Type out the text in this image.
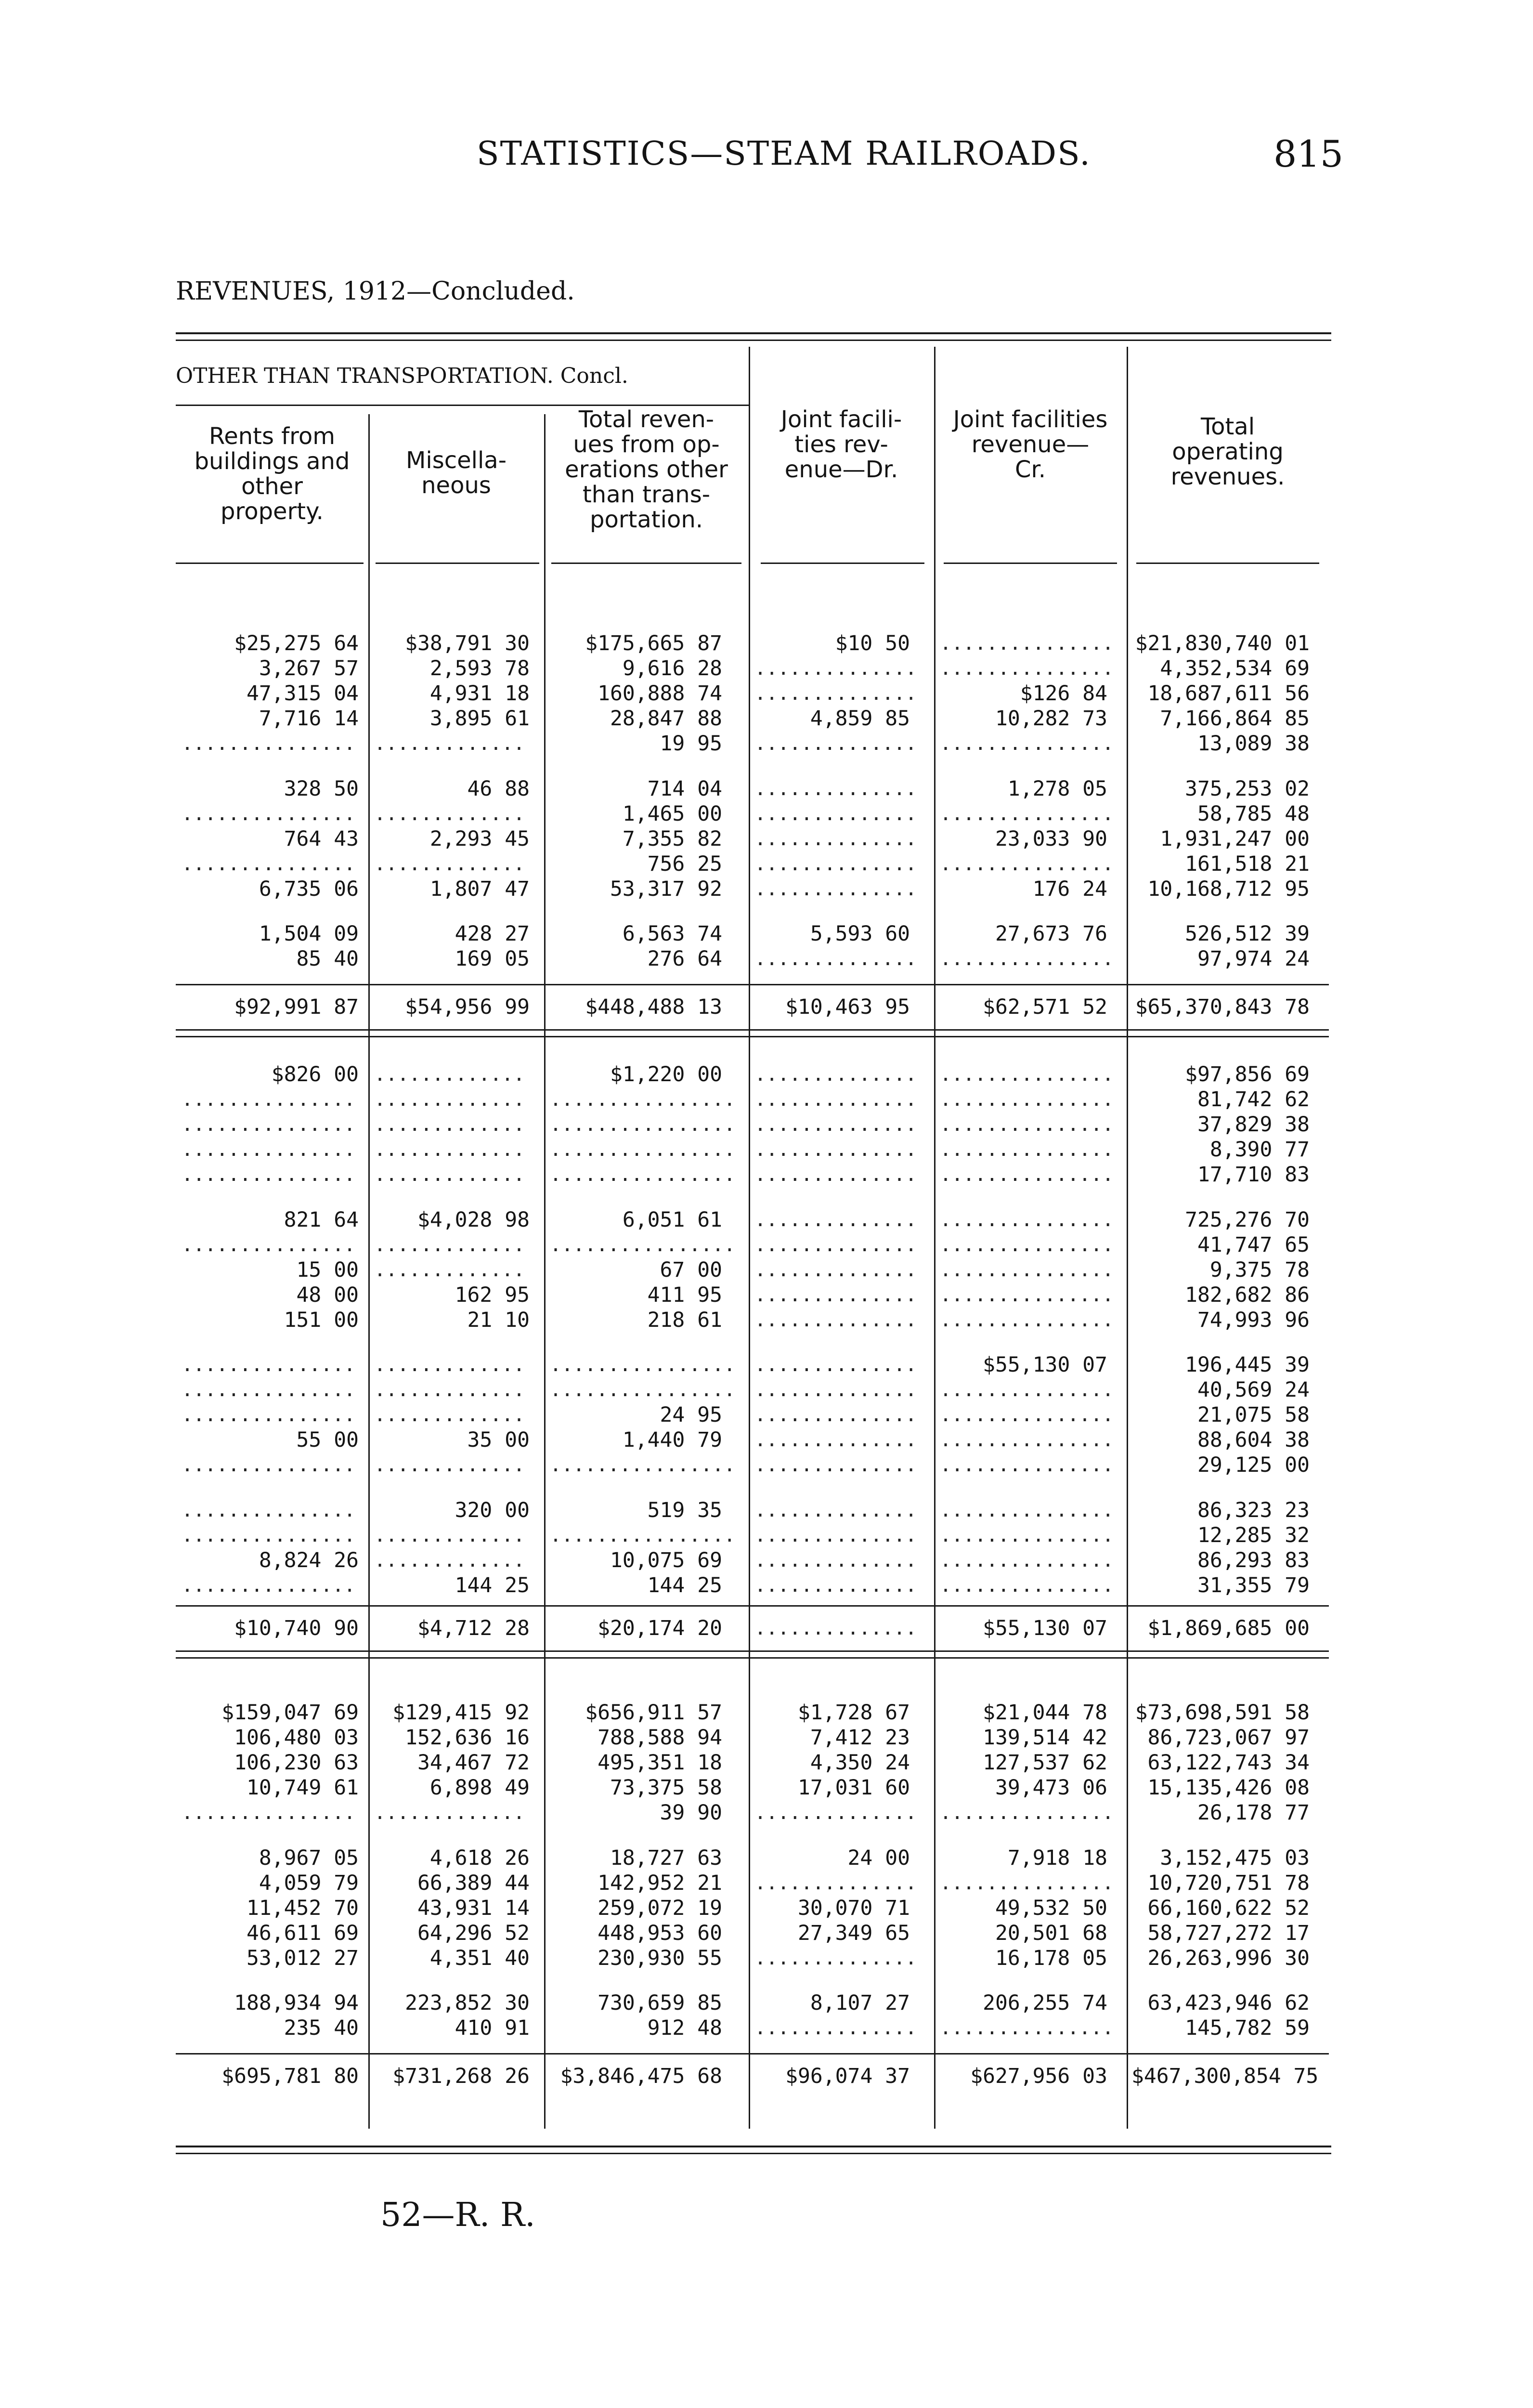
STATISTICS—STEAM RAILROADS.	815
REVENUES, 1912—Concluded.
OTHER THAN TRANSPORTATION. Concl.
Rents from
buildings and
other
property.
Miscella-
neous
Total reven-
ues from op-
erations other
than trans-
portation.
Joint facili-
ties rev-
enue—Dr.
Joint facilities
revenue—
Cr.
Total
operating
revenues.
$25,275 64	$38,791 30	$175,665 87	$10 50 ............... $21,830,740 01
3,267 57	2,593 78	9,616 28 .............. ...............	4,352,534 69
47,315 04	4,931 18	160,888 74 ..............	$126 84	18,687,611 56
7,716 14	3,895 61	28,847 88	4,859 85	10,282 73	7,166,864 85
............... .............	19 95 .............. ...............	13,089 38
328 50	46 88	714 04 ..............	1,278 05	375,253 02
............... .............	1,465 00 .............. ...............	58,785 48
764 43	2,293 45	7,355 82 ..............	23,033 90	1,931,247 00
............... .............	756 25 .............. ...............	161,518 21
6,735 06	1,807 47	53,317 92 ..............	176 24	10,168,712 95
1,504 09	428 27	6,563 74	5,593 60	27,673 76	526,512 39
85 40	169 05	276 64 .............. ...............	97,974 24
$92,991 87	$54,956 99	$448,488 13	$10,463 95	$62,571 52 $65,370,843 78
$826 00 .............	$1,220 00 .............. ...............	$97,856 69
............... ............. ................ .............. ...............	81,742 62
............... ............. ................ .............. ...............	37,829 38
............... ............. ................ .............. ...............	8,390 77
............... ............. ................ .............. ...............	17,710 83
821 64	$4,028 98	6,051 61 .............. ...............	725,276 70
............... ............. ................ .............. ...............	41,747 65
15 00 .............	67 00 .............. ...............	9,375 78
48 00	162 95	411 95 .............. ...............	182,682 86
151 00	21 10	218 61 .............. ...............	74,993 96
............... ............. ................ ..............	$55,130 07	196,445 39
............... ............. ................ .............. ...............	40,569 24
............... .............	24 95 .............. ...............	21,075 58
55 00	35 00	1,440 79 .............. ...............	88,604 38
............... ............. ................ .............. ...............	29,125 00
...............	320 00	519 35 .............. ...............	86,323 23
............... ............. ................ .............. ...............	12,285 32
8,824 26 .............	10,075 69 .............. ...............	86,293 83
...............	144 25	144 25 .............. ...............	31,355 79
$10,740 90	$4,712 28	$20,174 20 ..............	$55,130 07	$1,869,685 00
$159,047 69	$129,415 92	$656,911 57	$1,728 67	$21,044 78 $73,698,591 58
106,480 03	152,636 16	788,588 94	7,412 23	139,514 42	86,723,067 97
106,230 63	34,467 72	495,351 18	4,350 24	127,537 62	63,122,743 34
10,749 61	6,898 49	73,375 58	17,031 60	39,473 06	15,135,426 08
............... .............	39 90 .............. ...............	26,178 77
8,967 05	4,618 26	18,727 63	24 00	7,918 18	3,152,475 03
4,059 79	66,389 44	142,952 21 .............. ...............	10,720,751 78
11,452 70	43,931 14	259,072 19	30,070 71	49,532 50	66,160,622 52
46,611 69	64,296 52	448,953 60	27,349 65	20,501 68	58,727,272 17
53,012 27	4,351 40	230,930 55 ..............	16,178 05	26,263,996 30
188,934 94	223,852 30	730,659 85	8,107 27	206,255 74	63,423,946 62
235 40	410 91	912 48 .............. ...............	145,782 59
$695,781 80	$731,268 26	$3,846,475 68	$96,074 37	$627,956 03 $467,300,854 75
52—R. R.
